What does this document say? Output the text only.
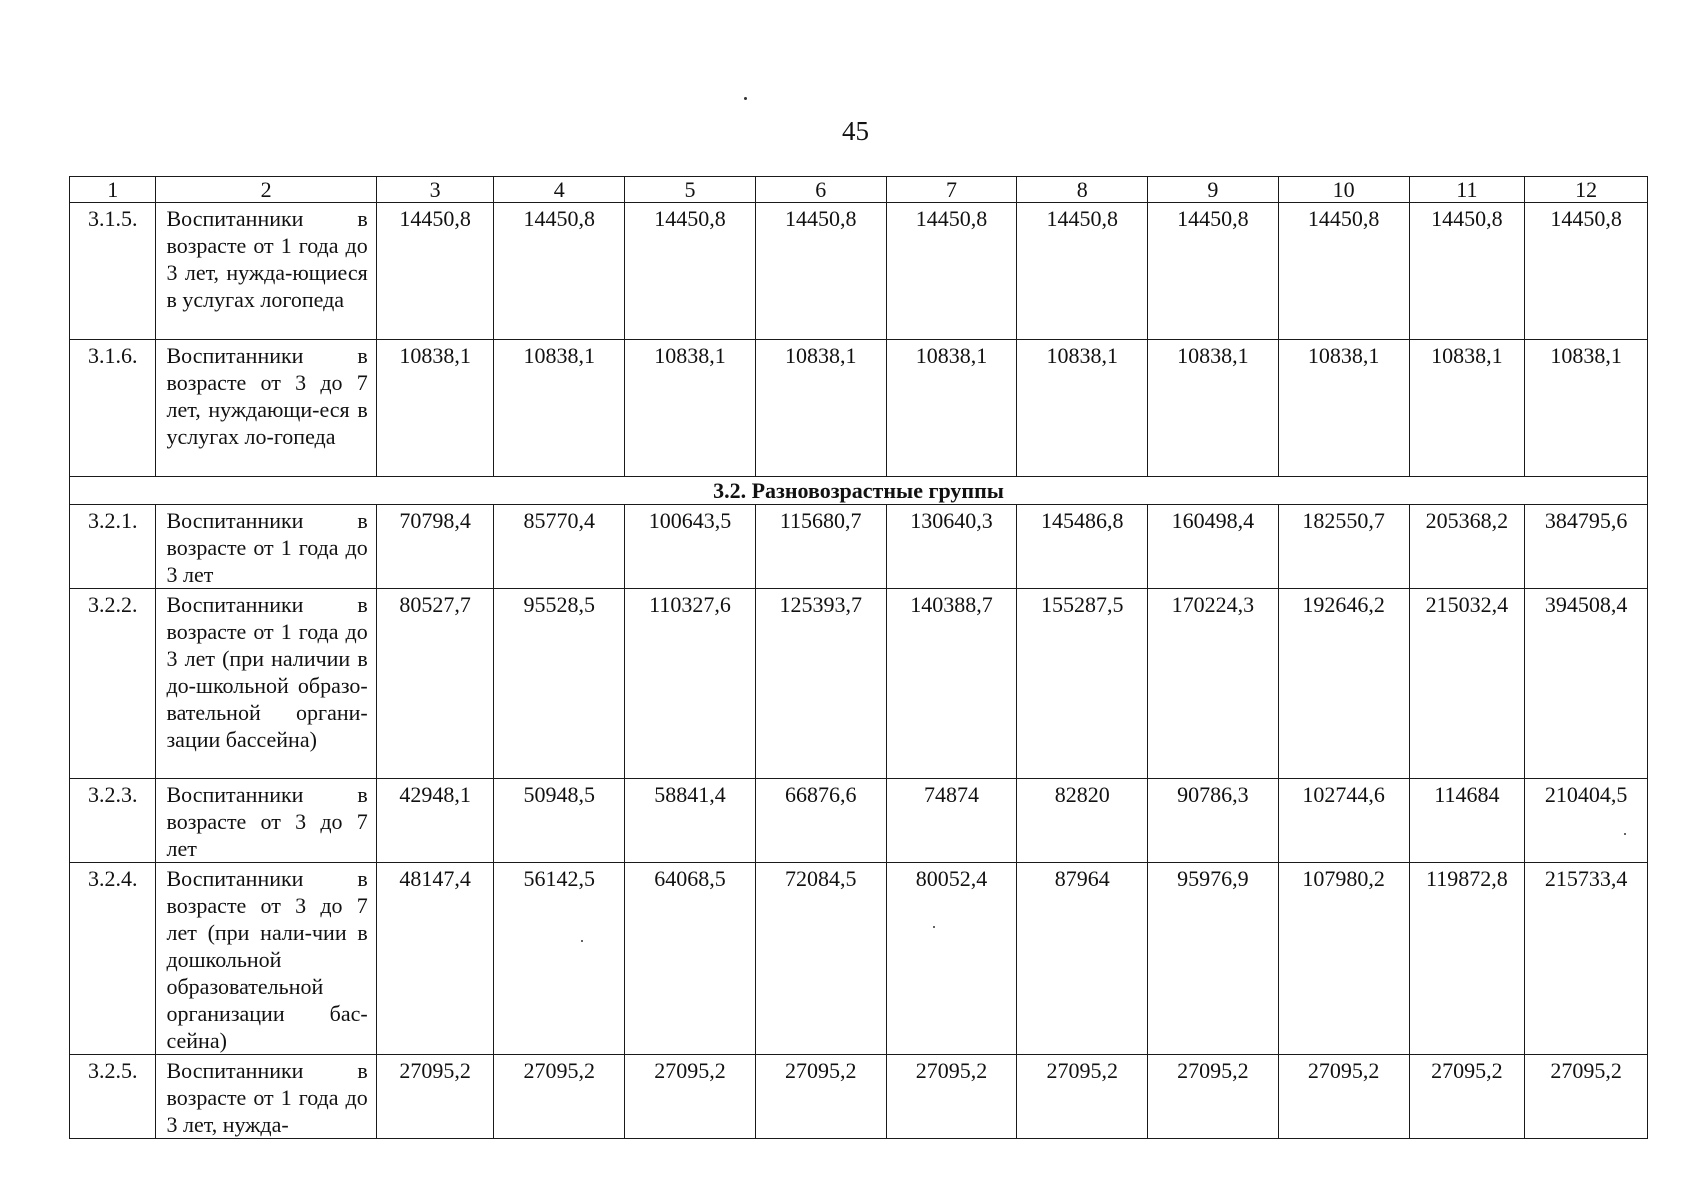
45
1	2	3	4	5	6	7	8	9	10	11	12
3.1.5.	Воспитанники в возрасте от 1 года до 3 лет, нужда-ющиеся в услугах логопеда	14450,8	14450,8	14450,8	14450,8	14450,8	14450,8	14450,8	14450,8	14450,8	14450,8
3.1.6.	Воспитанники в возрасте от 3 до 7 лет, нуждающи-еся в услугах ло-гопеда	10838,1	10838,1	10838,1	10838,1	10838,1	10838,1	10838,1	10838,1	10838,1	10838,1
3.2. Разновозрастные группы											
3.2.1.	Воспитанники в возрасте от 1 года до 3 лет	70798,4	85770,4	100643,5	115680,7	130640,3	145486,8	160498,4	182550,7	205368,2	384795,6
3.2.2.	Воспитанники в возрасте от 1 года до 3 лет (при наличии в до-школьной образо-вательной органи-зации бассейна)	80527,7	95528,5	110327,6	125393,7	140388,7	155287,5	170224,3	192646,2	215032,4	394508,4
3.2.3.	Воспитанники в возрасте от 3 до 7 лет	42948,1	50948,5	58841,4	66876,6	74874	82820	90786,3	102744,6	114684	210404,5
3.2.4.	Воспитанники в возрасте от 3 до 7 лет (при нали-чии в дошкольной образовательной организации бас-сейна)	48147,4	56142,5	64068,5	72084,5	80052,4	87964	95976,9	107980,2	119872,8	215733,4
3.2.5.	Воспитанники в возрасте от 1 года до 3 лет, нужда-	27095,2	27095,2	27095,2	27095,2	27095,2	27095,2	27095,2	27095,2	27095,2	27095,2
